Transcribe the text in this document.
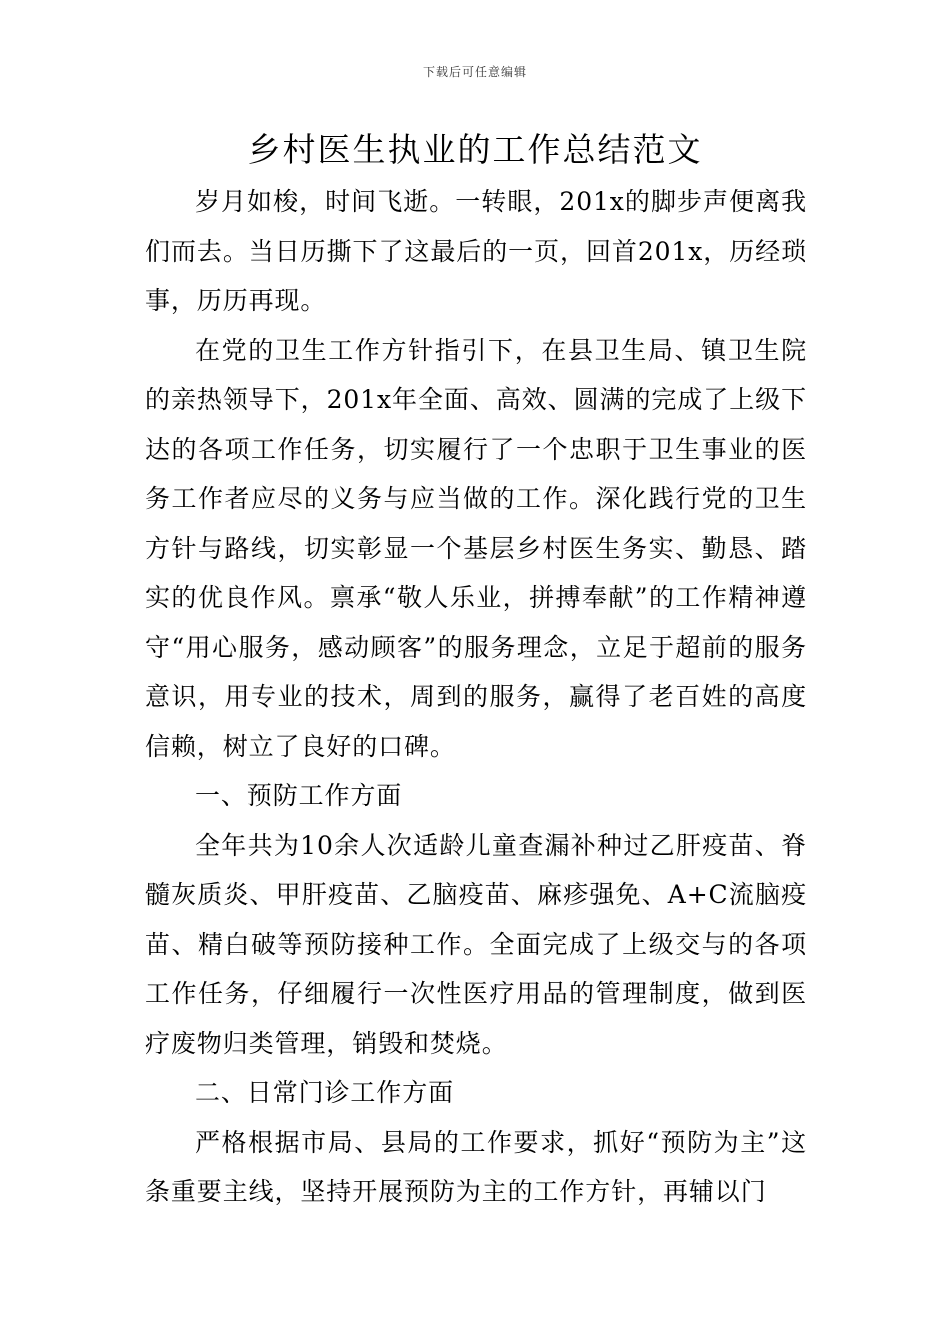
下载后可任意编辑
乡村医生执业的工作总结范文

岁月如梭，时间飞逝。一转眼，201x的脚步声便离我们而去。当日历撕下了这最后的一页，回首201x，历经琐事，历历再现。

在党的卫生工作方针指引下，在县卫生局、镇卫生院的亲热领导下，201x年全面、高效、圆满的完成了上级下达的各项工作任务，切实履行了一个忠职于卫生事业的医务工作者应尽的义务与应当做的工作。深化践行党的卫生方针与路线，切实彰显一个基层乡村医生务实、勤恳、踏实的优良作风。禀承“敬人乐业，拼搏奉献”的工作精神遵守“用心服务，感动顾客”的服务理念，立足于超前的服务意识，用专业的技术，周到的服务，赢得了老百姓的高度信赖，树立了良好的口碑。

一、预防工作方面

全年共为10余人次适龄儿童查漏补种过乙肝疫苗、脊髓灰质炎、甲肝疫苗、乙脑疫苗、麻疹强免、A+C流脑疫苗、精白破等预防接种工作。全面完成了上级交与的各项工作任务，仔细履行一次性医疗用品的管理制度，做到医疗废物归类管理，销毁和焚烧。

二、日常门诊工作方面

严格根据市局、县局的工作要求，抓好“预防为主”这条重要主线，坚持开展预防为主的工作方针，再辅以门
